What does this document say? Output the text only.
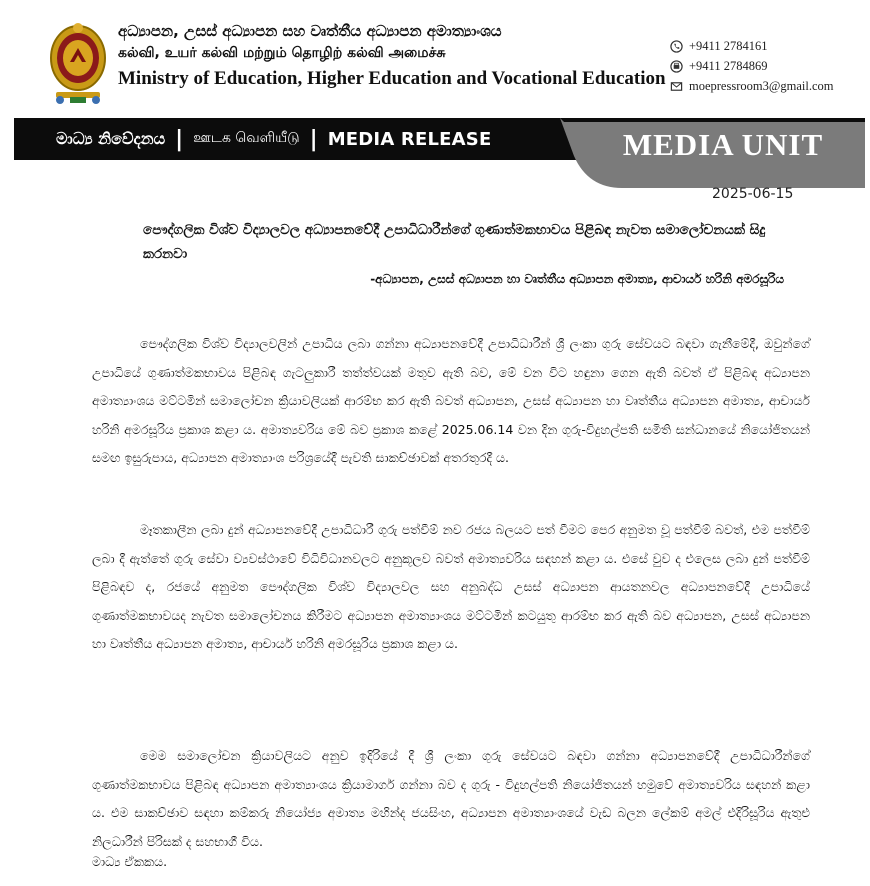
අධ්‍යාපන, උසස් අධ්‍යාපන සහ වෘත්තීය අධ්‍යාපන අමාත්‍යාංශය
கல்வி, உயர் கல்வி மற்றும் தொழிற் கல்வி அமைச்சு
Ministry of Education, Higher Education and Vocational Education
+9411 2784161
+9411 2784869
moepressroom3@gmail.com
මාධ්‍ය නිවේදනය | ஊடக வெளியீடு | MEDIA RELEASE	MEDIA UNIT
2025-06-15
පෞද්ගලික විශ්ව විද්‍යාලවල අධ්‍යාපනවේදී උපාධිධාරීන්ගේ ගුණාත්මකභාවය පිළිබඳ නැවත සමාලෝචනයක් සිදු කරනවා
-අධ්‍යාපන, උසස් අධ්‍යාපන හා වෘත්තීය අධ්‍යාපන අමාත්‍ය, ආචාර්ය හරිනි අමරසූරිය

පෞද්ගලික විශ්ව විද්‍යාලවලින් උපාධිය ලබා ගන්නා අධ්‍යාපනවේදී උපාධිධාරීන් ශ්‍රී ලංකා ගුරු සේවයට බඳවා ගැනීමේදී, ඔවුන්ගේ උපාධියේ ගුණාත්මකභාවය පිළිබඳ ගැටලුකාරී තත්ත්වයක් මතුව ඇති බව, මේ වන විට හඳුනා ගෙන ඇති බවත් ඒ පිළිබඳ අධ්‍යාපන අමාත්‍යාංශය මට්ටමින් සමාලෝචන ක්‍රියාවලියක් ආරම්භ කර ඇති බවත් අධ්‍යාපන, උසස් අධ්‍යාපන හා වෘත්තීය අධ්‍යාපන අමාත්‍ය, ආචාර්ය හරිනි අමරසූරිය ප්‍රකාශ කළා ය. අමාත්‍යවරිය මේ බව ප්‍රකාශ කළේ 2025.06.14 වන දින ගුරු-විදුහල්පති සමිති සන්ධානයේ නියෝජිතයන් සමඟ ඉසුරුපාය, අධ්‍යාපන අමාත්‍යාංශ පරිශ්‍රයේදී පැවති සාකච්ඡාවක් අතරතුරදී ය.

මෑතකාලීන ලබා දුන් අධ්‍යාපනවේදී උපාධිධාරී ගුරු පත්වීම් නව රජය බලයට පත් වීමට පෙර අනුමත වූ පත්වීම් බවත්, එම පත්වීම් ලබා දී ඇත්තේ ගුරු සේවා ව්‍යවස්ථාවේ විධිවිධානවලට අනුකූලව බවත් අමාත්‍යවරිය සඳහන් කළා ය. එසේ වුව ද එලෙස ලබා දුන් පත්වීම් පිළිබඳව ද, රජයේ අනුමත පෞද්ගලික විශ්ව විද්‍යාලවල සහ අනුබද්ධ උසස් අධ්‍යාපන ආයතනවල අධ්‍යාපනවේදී උපාධියේ ගුණාත්මකභාවයද නැවත සමාලෝචනය කිරීමට අධ්‍යාපන අමාත්‍යාංශය මට්ටමින් කටයුතු ආරම්භ කර ඇති බව අධ්‍යාපන, උසස් අධ්‍යාපන හා වෘත්තීය අධ්‍යාපන අමාත්‍ය, ආචාර්ය හරිනි අමරසූරිය ප්‍රකාශ කළා ය.

මෙම සමාලෝචන ක්‍රියාවලියට අනුව ඉදිරියේ දී ශ්‍රී ලංකා ගුරු සේවයට බඳවා ගන්නා අධ්‍යාපනවේදී උපාධිධාරීන්ගේ ගුණාත්මකභාවය පිළිබඳ අධ්‍යාපන අමාත්‍යාංශය ක්‍රියාමාර්ග ගන්නා බව ද ගුරු - විදුහල්පති නියෝජිතයන් හමුවේ අමාත්‍යවරිය සඳහන් කළා ය. එම සාකච්ඡාව සඳහා කම්කරු නියෝජ්‍ය අමාත්‍ය මහින්ද ජයසිංහ, අධ්‍යාපන අමාත්‍යාංශයේ වැඩ බලන ලේකම් අමල් එදිරිසූරිය ඇතුළු නිලධාරීන් පිරිසක් ද සහභාගී විය.

මාධ්‍ය ඒකකය.
